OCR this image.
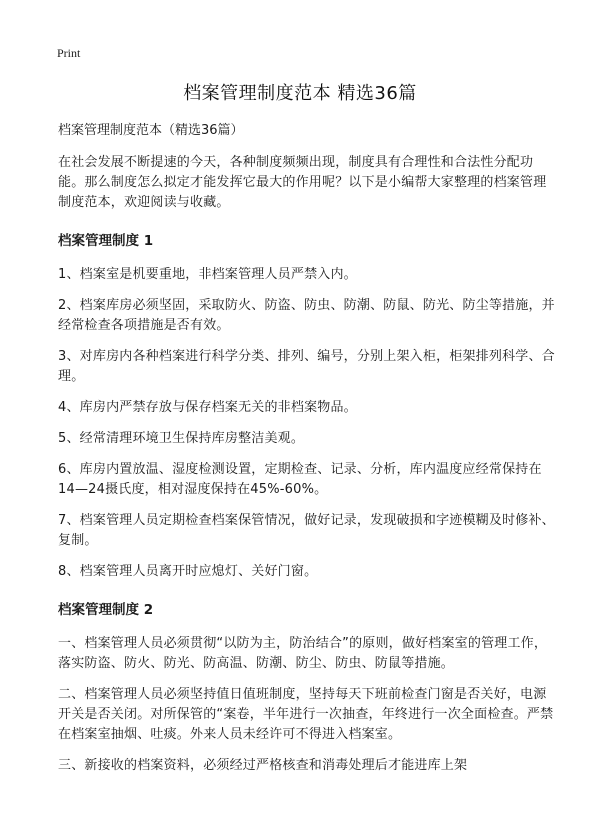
Print
档案管理制度范本 精选36篇
档案管理制度范本（精选36篇）

在社会发展不断提速的今天，各种制度频频出现，制度具有合理性和合法性分配功能。那么制度怎么拟定才能发挥它最大的作用呢？以下是小编帮大家整理的档案管理制度范本，欢迎阅读与收藏。

档案管理制度 1

1、档案室是机要重地，非档案管理人员严禁入内。

2、档案库房必须坚固，采取防火、防盗、防虫、防潮、防鼠、防光、防尘等措施，并经常检查各项措施是否有效。

3、对库房内各种档案进行科学分类、排列、编号，分别上架入柜，柜架排列科学、合理。

4、库房内严禁存放与保存档案无关的非档案物品。

5、经常清理环境卫生保持库房整洁美观。

6、库房内置放温、湿度检测设置，定期检查、记录、分析，库内温度应经常保持在14—24摄氏度，相对湿度保持在45%-60%。

7、档案管理人员定期检查档案保管情况，做好记录，发现破损和字迹模糊及时修补、复制。

8、档案管理人员离开时应熄灯、关好门窗。

档案管理制度 2

一、档案管理人员必须贯彻“以防为主，防治结合”的原则，做好档案室的管理工作，落实防盗、防火、防光、防高温、防潮、防尘、防虫、防鼠等措施。

二、档案管理人员必须坚持值日值班制度，坚持每天下班前检查门窗是否关好，电源开关是否关闭。对所保管的“案卷，半年进行一次抽查，年终进行一次全面检查。严禁在档案室抽烟、吐痰。外来人员未经许可不得进入档案室。

三、新接收的档案资料，必须经过严格核查和消毒处理后才能进库上架
